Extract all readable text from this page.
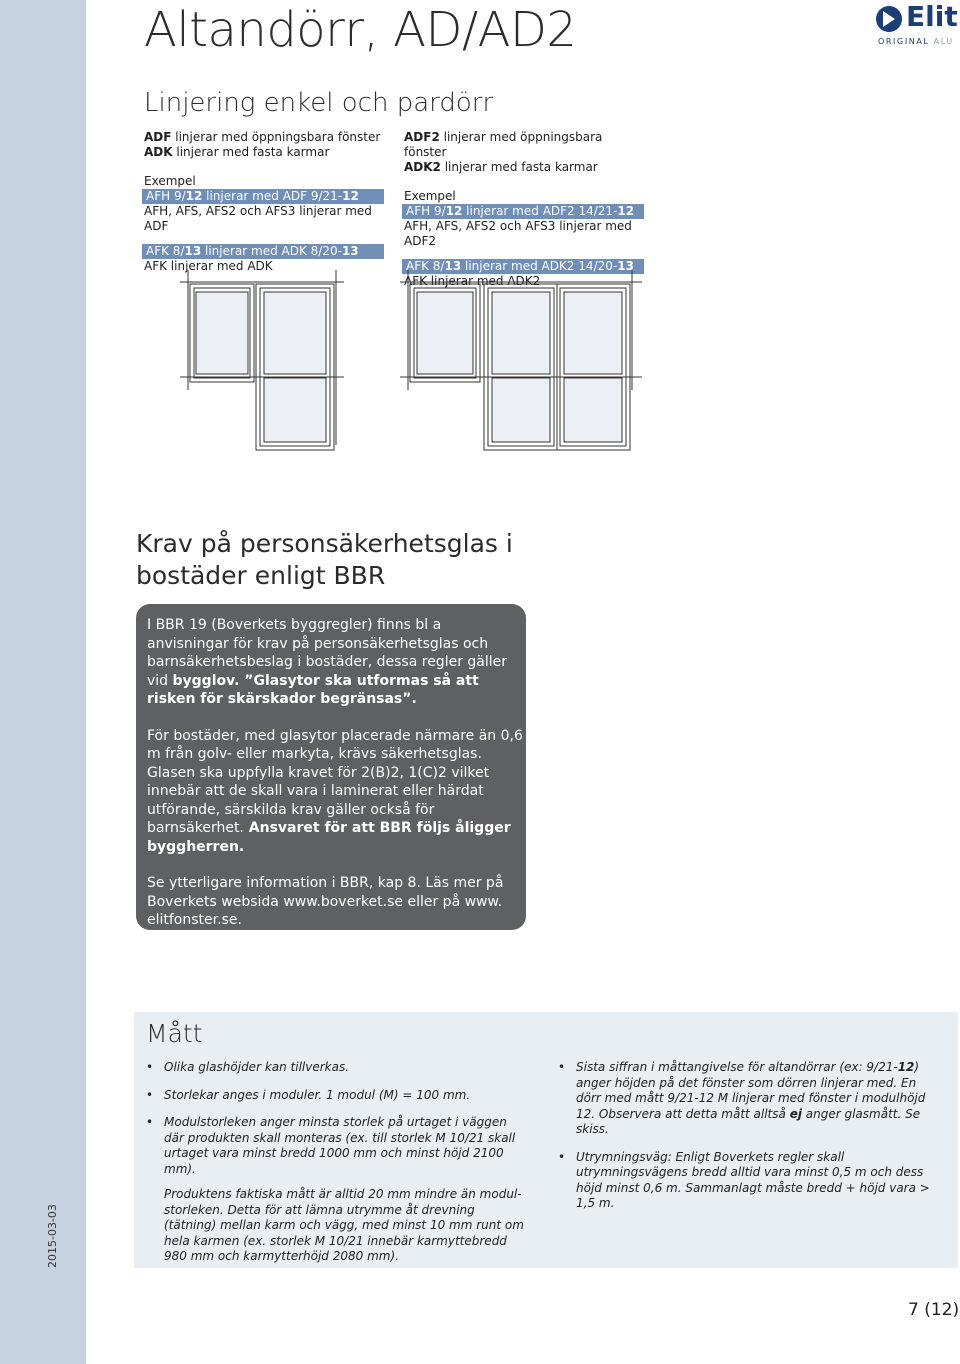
2015-03-03
Altandörr, AD/AD2	Elit
ORIGINAL ALU
Linjering enkel och pardörr

ADF linjerar med öppningsbara fönster

ADK linjerar med fasta karmar

Exempel

AFH 9/12 linjerar med ADF 9/21-12

AFH, AFS, AFS2 och AFS3 linjerar med ADF

AFK 8/13 linjerar med ADK 8/20-13

AFK linjerar med ADK

ADF2 linjerar med öppningsbara fönster

ADK2 linjerar med fasta karmar

Exempel

AFH 9/12 linjerar med ADF2 14/21-12

AFH, AFS, AFS2 och AFS3 linjerar med ADF2

AFK 8/13 linjerar med ADK2 14/20-13

AFK linjerar med ADK2

Krav på personsäkerhetsglas i
bostäder enligt BBR

I BBR 19 (Boverkets byggregler) finns bl a anvisningar för krav på personsäkerhetsglas och barnsäkerhetsbeslag i bostäder, dessa regler gäller vid bygglov. ”Glasytor ska utformas så att risken för skärskador begränsas”.

För bostäder, med glasytor placerade närmare än 0,6 m från golv- eller markyta, krävs säkerhetsglas. Glasen ska uppfylla kravet för 2(B)2, 1(C)2 vilket innebär att de skall vara i laminerat eller härdat utförande, särskilda krav gäller också för barnsäkerhet. Ansvaret för att BBR följs åligger byggherren.

Se ytterligare information i BBR, kap 8. Läs mer på Boverkets websida www.boverket.se eller på www. elitfonster.se.

Mått
• Olika glashöjder kan tillverkas.
• Storlekar anges i moduler. 1 modul (M) = 100 mm.

• Modulstorleken anger minsta storlek på urtaget i väggen där produkten skall monteras (ex. till storlek M 10/21 skall urtaget vara minst bredd 1000 mm och minst höjd 2100 mm).

Produktens faktiska mått är alltid 20 mm mindre än modulstorleken. Detta för att lämna utrymme åt drevning (tätning) mellan karm och vägg, med minst 10 mm runt om hela karmen (ex. storlek M 10/21 innebär karmyttebredd 980 mm och karmytterhöjd 2080 mm).

• Sista siffran i måttangivelse för altandörrar (ex: 9/21-12) anger höjden på det fönster som dörren linjerar med. En dörr med mått 9/21-12 M linjerar med fönster i modulhöjd 12. Observera att detta mått alltså ej anger glasmått. Se skiss.
• Utrymningsväg: Enligt Boverkets regler skall utrymningsvägens bredd alltid vara minst 0,5 m och dess höjd minst 0,6 m. Sammanlagt måste bredd + höjd vara > 1,5 m.
7 (12)
